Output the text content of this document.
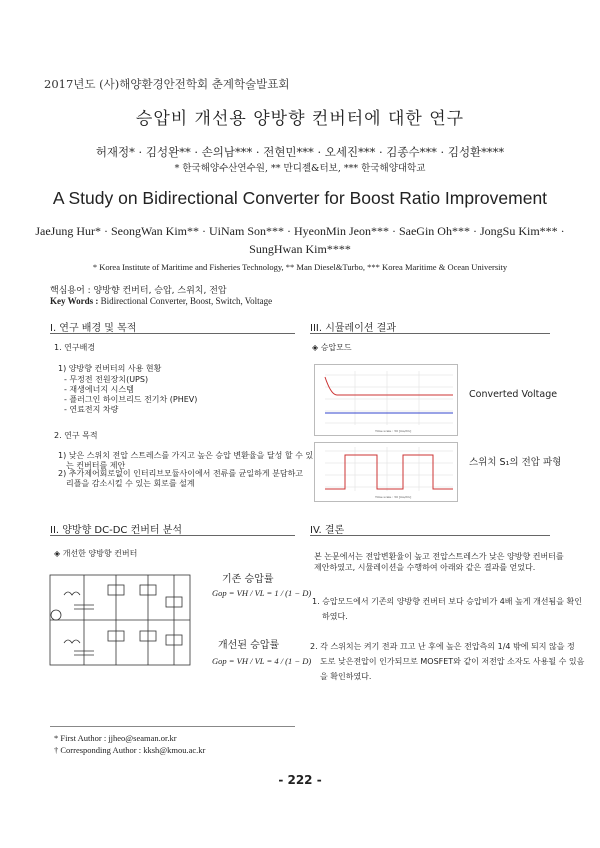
2017년도 (사)해양환경안전학회 춘계학술발표회
승압비 개선용 양방향 컨버터에 대한 연구
허재정* · 김성완** · 손의남*** · 전현민*** · 오세진*** · 김종수*** · 김성환****
* 한국해양수산연수원, ** 만디젤&터보, *** 한국해양대학교
A Study on Bidirectional Converter for Boost Ratio Improvement
JaeJung Hur* · SeongWan Kim** · UiNam Son*** · HyeonMin Jeon*** · SaeGin Oh*** · JongSu Kim*** ·
SungHwan Kim****
* Korea Institute of Maritime and Fisheries Technology, ** Man Diesel&Turbo, *** Korea Maritime & Ocean University
핵심용어 : 양방향 컨버터, 승압, 스위치, 전압
Key Words : Bidirectional Converter, Boost, Switch, Voltage
I. 연구 배경 및 목적
1. 연구배경
1) 양방향 컨버터의 사용 현황
- 무정전 전원장치(UPS)
- 재생에너지 시스템
- 플러그인 하이브리드 전기차 (PHEV)
- 연료전지 차량
2. 연구 목적
1) 낮은 스위치 전압 스트레스를 가지고 높은 승압 변환율을 달성 할 수 있
는 컨버터를 제안
2) 추가제어회로없이 인터리브모듈사이에서 전류를 균일하게 분담하고
리플을 감소시킬 수 있는 회로를 설계
II. 양방향 DC-DC 컨버터 분석
◈ 개선한 양방향 컨버터
기존 승압률
Gop = VH / VL = 1 / (1 − D)
개선된 승압률
Gop = VH / VL = 4 / (1 − D)
III. 시뮬레이션 결과
◈ 승압모드
Time scale : 50 [ms/div]
Converted Voltage
Time scale : 50 [ms/div]
스위치 S₁의 전압 파형
IV. 결론
본 논문에서는 전압변환율이 높고 전압스트레스가 낮은 양방향 컨버터를
제안하였고, 시뮬레이션을 수행하여 아래와 같은 결과를 얻었다.
1. 승압모드에서 기존의 양방향 컨버터 보다 승압비가 4배 높게 개선됨을 확인
하였다.
2. 각 스위치는 켜기 전과 끄고 난 후에 높은 전압측의 1/4 밖에 되지 않을 정
도로 낮은전압이 인가되므로 MOSFET와 같이 저전압 소자도 사용될 수 있음
을 확인하였다.
* First Author : jjheo@seaman.or.kr
† Corresponding Author : kksh@kmou.ac.kr
- 222 -
